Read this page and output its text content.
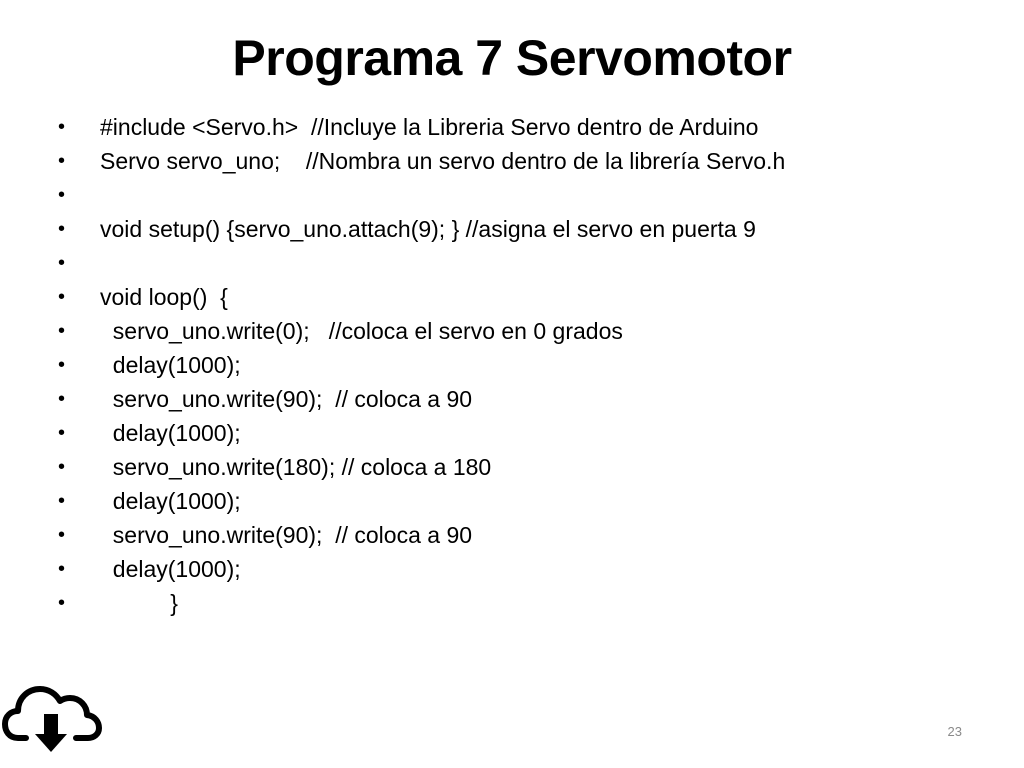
Programa 7 Servomotor
•	#include <Servo.h>  //Incluye la Libreria Servo dentro de Arduino
•	Servo servo_uno;    //Nombra un servo dentro de la librería Servo.h
•
•	void setup() {servo_uno.attach(9); } //asigna el servo en puerta 9
•
•	void loop()  {
•	servo_uno.write(0);   //coloca el servo en 0 grados
•	delay(1000);
•	servo_uno.write(90);  // coloca a 90
•	delay(1000);
•	servo_uno.write(180); // coloca a 180
•	delay(1000);
•	servo_uno.write(90);  // coloca a 90
•	delay(1000);
•	}
23
